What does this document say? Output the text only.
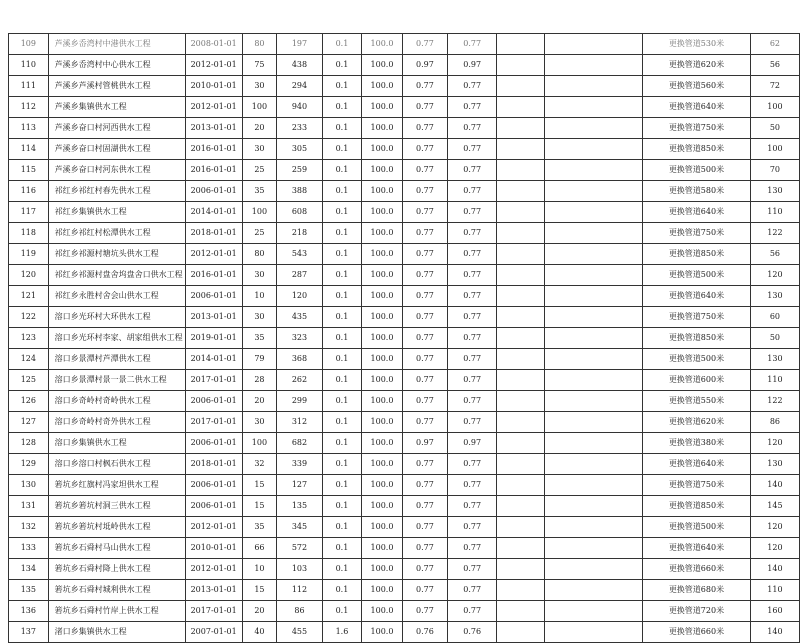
109	芦溪乡岙湾村中港供水工程	2008-01-01	80	197	0.1	100.0	0.77	0.77			更换管道530米	62
110	芦溪乡岙湾村中心供水工程	2012-01-01	75	438	0.1	100.0	0.97	0.97			更换管道620米	56
111	芦溪乡芦溪村管桃供水工程	2010-01-01	30	294	0.1	100.0	0.77	0.77			更换管道560米	72
112	芦溪乡集镇供水工程	2012-01-01	100	940	0.1	100.0	0.77	0.77			更换管道640米	100
113	芦溪乡奋口村河西供水工程	2013-01-01	20	233	0.1	100.0	0.77	0.77			更换管道750米	50
114	芦溪乡奋口村固湖供水工程	2016-01-01	30	305	0.1	100.0	0.77	0.77			更换管道850米	100
115	芦溪乡奋口村河东供水工程	2016-01-01	25	259	0.1	100.0	0.77	0.77			更换管道500米	70
116	祁红乡祁红村春先供水工程	2006-01-01	35	388	0.1	100.0	0.77	0.77			更换管道580米	130
117	祁红乡集镇供水工程	2014-01-01	100	608	0.1	100.0	0.77	0.77			更换管道640米	110
118	祁红乡祁红村松潭供水工程	2018-01-01	25	218	0.1	100.0	0.77	0.77			更换管道750米	122
119	祁红乡祁源村塘坑头供水工程	2012-01-01	80	543	0.1	100.0	0.77	0.77			更换管道850米	56
120	祁红乡祁源村盘舍坞盘舍口供水工程	2016-01-01	30	287	0.1	100.0	0.77	0.77			更换管道500米	120
121	祁红乡永胜村舍会山供水工程	2006-01-01	10	120	0.1	100.0	0.77	0.77			更换管道640米	130
122	溶口乡光环村大环供水工程	2013-01-01	30	435	0.1	100.0	0.77	0.77			更换管道750米	60
123	溶口乡光环村李家、胡家组供水工程	2019-01-01	35	323	0.1	100.0	0.77	0.77			更换管道850米	50
124	溶口乡景潭村芦潭供水工程	2014-01-01	79	368	0.1	100.0	0.77	0.77			更换管道500米	130
125	溶口乡景潭村景一景二供水工程	2017-01-01	28	262	0.1	100.0	0.77	0.77			更换管道600米	110
126	溶口乡奇岭村奇岭供水工程	2006-01-01	20	299	0.1	100.0	0.77	0.77			更换管道550米	122
127	溶口乡奇岭村奇外供水工程	2017-01-01	30	312	0.1	100.0	0.77	0.77			更换管道620米	86
128	溶口乡集镇供水工程	2006-01-01	100	682	0.1	100.0	0.97	0.97			更换管道380米	120
129	溶口乡溶口村枫石供水工程	2018-01-01	32	339	0.1	100.0	0.77	0.77			更换管道640米	130
130	箬坑乡红旗村冯家坦供水工程	2006-01-01	15	127	0.1	100.0	0.77	0.77			更换管道750米	140
131	箬坑乡箬坑村洞三供水工程	2006-01-01	15	135	0.1	100.0	0.77	0.77			更换管道850米	145
132	箬坑乡箬坑村坻岭供水工程	2012-01-01	35	345	0.1	100.0	0.77	0.77			更换管道500米	120
133	箬坑乡石舜村马山供水工程	2010-01-01	66	572	0.1	100.0	0.77	0.77			更换管道640米	120
134	箬坑乡石舜村降上供水工程	2012-01-01	10	103	0.1	100.0	0.77	0.77			更换管道660米	140
135	箬坑乡石舜村城利供水工程	2013-01-01	15	112	0.1	100.0	0.77	0.77			更换管道680米	110
136	箬坑乡石舜村竹岸上供水工程	2017-01-01	20	86	0.1	100.0	0.77	0.77			更换管道720米	160
137	渚口乡集镇供水工程	2007-01-01	40	455	1.6	100.0	0.76	0.76			更换管道660米	140
